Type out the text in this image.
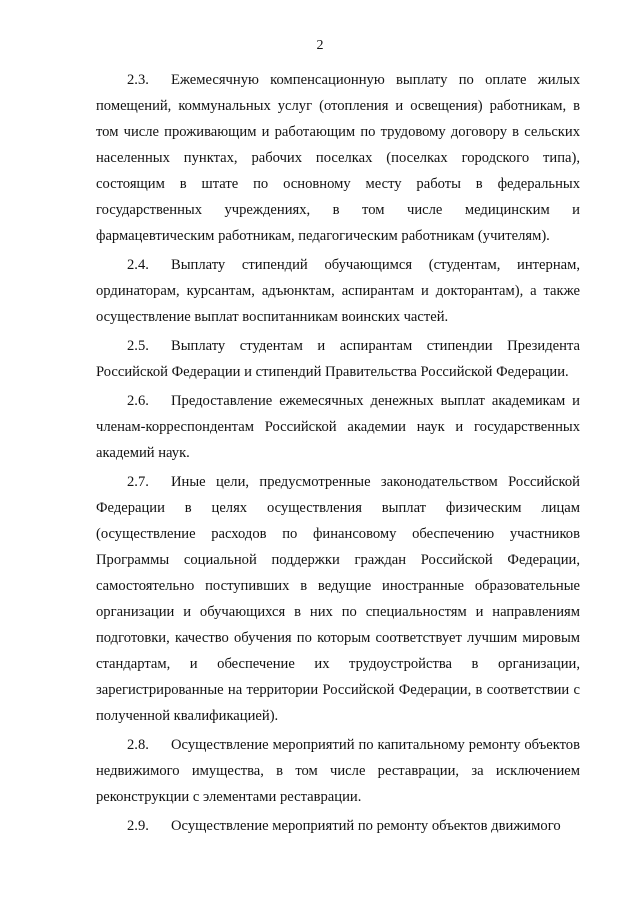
2

2.3. Ежемесячную компенсационную выплату по оплате жилых помещений, коммунальных услуг (отопления и освещения) работникам, в том числе проживающим и работающим по трудовому договору в сельских населенных пунктах, рабочих поселках (поселках городского типа), состоящим в штате по основному месту работы в федеральных государственных учреждениях, в том числе медицинским и фармацевтическим работникам, педагогическим работникам (учителям).

2.4. Выплату стипендий обучающимся (студентам, интернам, ординаторам, курсантам, адъюнктам, аспирантам и докторантам), а также осуществление выплат воспитанникам воинских частей.

2.5. Выплату студентам и аспирантам стипендии Президента Российской Федерации и стипендий Правительства Российской Федерации.

2.6. Предоставление ежемесячных денежных выплат академикам и членам-корреспондентам Российской академии наук и государственных академий наук.

2.7. Иные цели, предусмотренные законодательством Российской Федерации в целях осуществления выплат физическим лицам (осуществление расходов по финансовому обеспечению участников Программы социальной поддержки граждан Российской Федерации, самостоятельно поступивших в ведущие иностранные образовательные организации и обучающихся в них по специальностям и направлениям подготовки, качество обучения по которым соответствует лучшим мировым стандартам, и обеспечение их трудоустройства в организации, зарегистрированные на территории Российской Федерации, в соответствии с полученной квалификацией).

2.8. Осуществление мероприятий по капитальному ремонту объектов недвижимого имущества, в том числе реставрации, за исключением реконструкции с элементами реставрации.

2.9. Осуществление мероприятий по ремонту объектов движимого
